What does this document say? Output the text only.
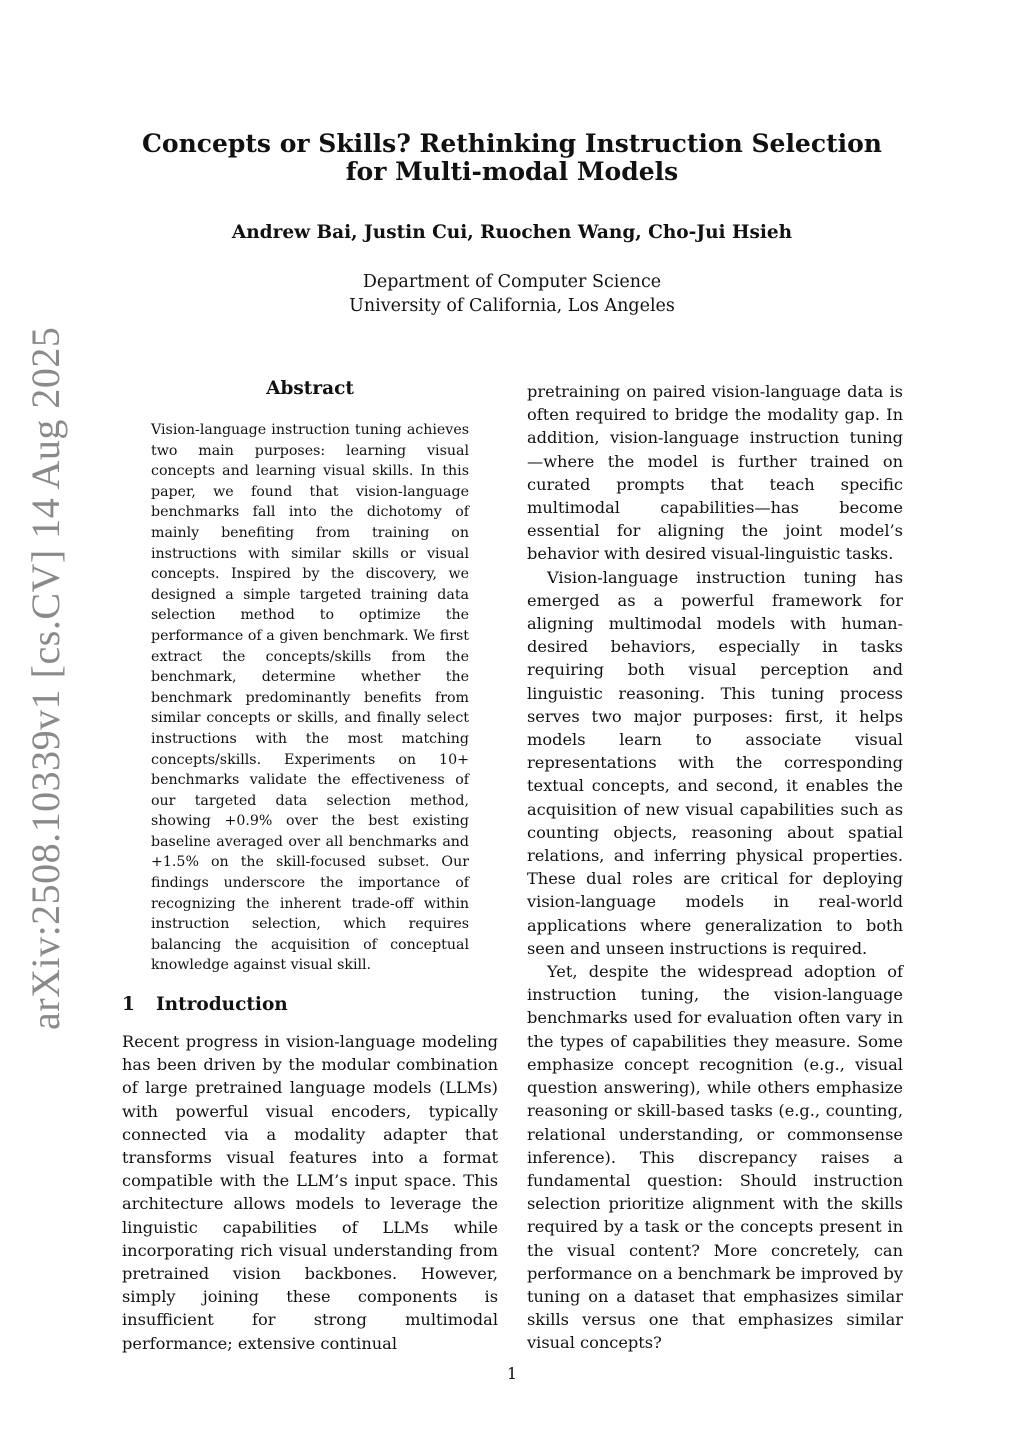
arXiv:2508.10339v1 [cs.CV] 14 Aug 2025
Concepts or Skills? Rethinking Instruction Selection for Multi-modal Models

Andrew Bai, Justin Cui, Ruochen Wang, Cho-Jui Hsieh

Department of Computer Science
University of California, Los Angeles
Abstract

Vision-language instruction tuning achieves two main purposes: learning visual concepts and learning visual skills. In this paper, we found that vision-language benchmarks fall into the dichotomy of mainly benefiting from training on instructions with similar skills or visual concepts. Inspired by the discovery, we designed a simple targeted training data selection method to optimize the performance of a given benchmark. We first extract the concepts/skills from the benchmark, determine whether the benchmark predominantly benefits from similar concepts or skills, and finally select instructions with the most matching concepts/skills. Experiments on 10+ benchmarks validate the effectiveness of our targeted data selection method, showing +0.9% over the best existing baseline averaged over all benchmarks and +1.5% on the skill-focused subset. Our findings underscore the importance of recognizing the inherent trade-off within instruction selection, which requires balancing the acquisition of conceptual knowledge against visual skill.

1 Introduction

Recent progress in vision-language modeling has been driven by the modular combination of large pretrained language models (LLMs) with powerful visual encoders, typically connected via a modality adapter that transforms visual features into a format compatible with the LLM’s input space. This architecture allows models to leverage the linguistic capabilities of LLMs while incorporating rich visual understanding from pretrained vision backbones. However, simply joining these components is insufficient for strong multimodal performance; extensive continual

pretraining on paired vision-language data is often required to bridge the modality gap. In addition, vision-language instruction tuning—where the model is further trained on curated prompts that teach specific multimodal capabilities—has become essential for aligning the joint model’s behavior with desired visual-linguistic tasks.

Vision-language instruction tuning has emerged as a powerful framework for aligning multimodal models with human-desired behaviors, especially in tasks requiring both visual perception and linguistic reasoning. This tuning process serves two major purposes: first, it helps models learn to associate visual representations with the corresponding textual concepts, and second, it enables the acquisition of new visual capabilities such as counting objects, reasoning about spatial relations, and inferring physical properties. These dual roles are critical for deploying vision-language models in real-world applications where generalization to both seen and unseen instructions is required.

Yet, despite the widespread adoption of instruction tuning, the vision-language benchmarks used for evaluation often vary in the types of capabilities they measure. Some emphasize concept recognition (e.g., visual question answering), while others emphasize reasoning or skill-based tasks (e.g., counting, relational understanding, or commonsense inference). This discrepancy raises a fundamental question: Should instruction selection prioritize alignment with the skills required by a task or the concepts present in the visual content? More concretely, can performance on a benchmark be improved by tuning on a dataset that emphasizes similar skills versus one that emphasizes similar visual concepts?

1
